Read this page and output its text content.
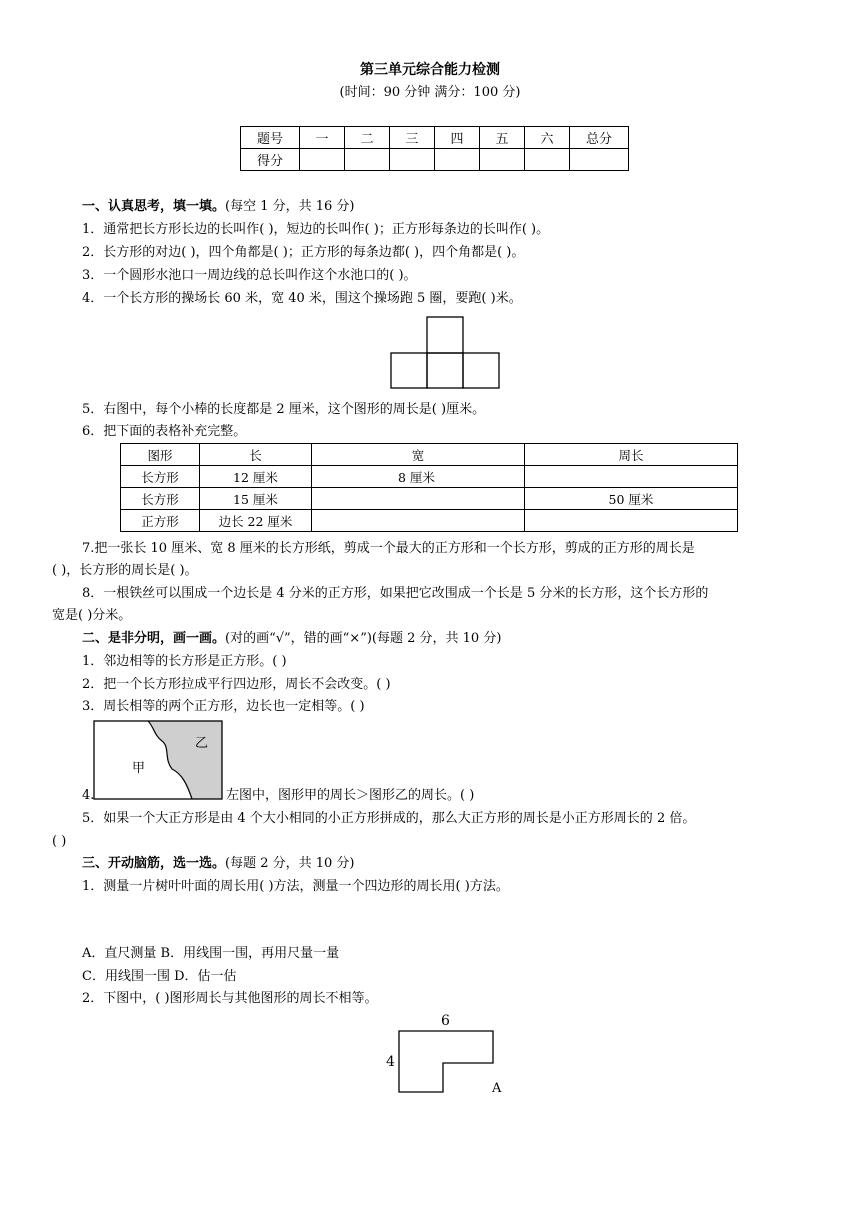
第三单元综合能力检测
(时间：90 分钟 满分：100 分)
题号	一	二	三	四	五	六	总分
得分							
一、认真思考，填一填。(每空 1 分，共 16 分)
1．通常把长方形长边的长叫作( )，短边的长叫作( )；正方形每条边的长叫作( )。
2．长方形的对边( )，四个角都是( )；正方形的每条边都( )，四个角都是( )。
3．一个圆形水池口一周边线的总长叫作这个水池口的( )。
4．一个长方形的操场长 60 米，宽 40 米，围这个操场跑 5 圈，要跑( )米。
5．右图中，每个小棒的长度都是 2 厘米，这个图形的周长是( )厘米。
6．把下面的表格补充完整。
图形	长	宽	周长
长方形	12 厘米	8 厘米	
长方形	15 厘米		50 厘米
正方形	边长 22 厘米		
7.把一张长 10 厘米、宽 8 厘米的长方形纸，剪成一个最大的正方形和一个长方形，剪成的正方形的周长是
( )，长方形的周长是( )。
8．一根铁丝可以围成一个边长是 4 分米的正方形，如果把它改围成一个长是 5 分米的长方形，这个长方形的
宽是( )分米。
二、是非分明，画一画。(对的画“√”，错的画“×”)(每题 2 分，共 10 分)
1．邻边相等的长方形是正方形。( )
2．把一个长方形拉成平行四边形，周长不会改变。( )
3．周长相等的两个正方形，边长也一定相等。( )
甲
乙
4.	左图中，图形甲的周长＞图形乙的周长。( )
5．如果一个大正方形是由 4 个大小相同的小正方形拼成的，那么大正方形的周长是小正方形周长的 2 倍。
( )
三、开动脑筋，选一选。(每题 2 分，共 10 分)
1．测量一片树叶叶面的周长用( )方法，测量一个四边形的周长用( )方法。
A．直尺测量 B．用线围一围，再用尺量一量
C．用线围一围 D．估一估
2．下图中，( )图形周长与其他图形的周长不相等。
6
4
A
